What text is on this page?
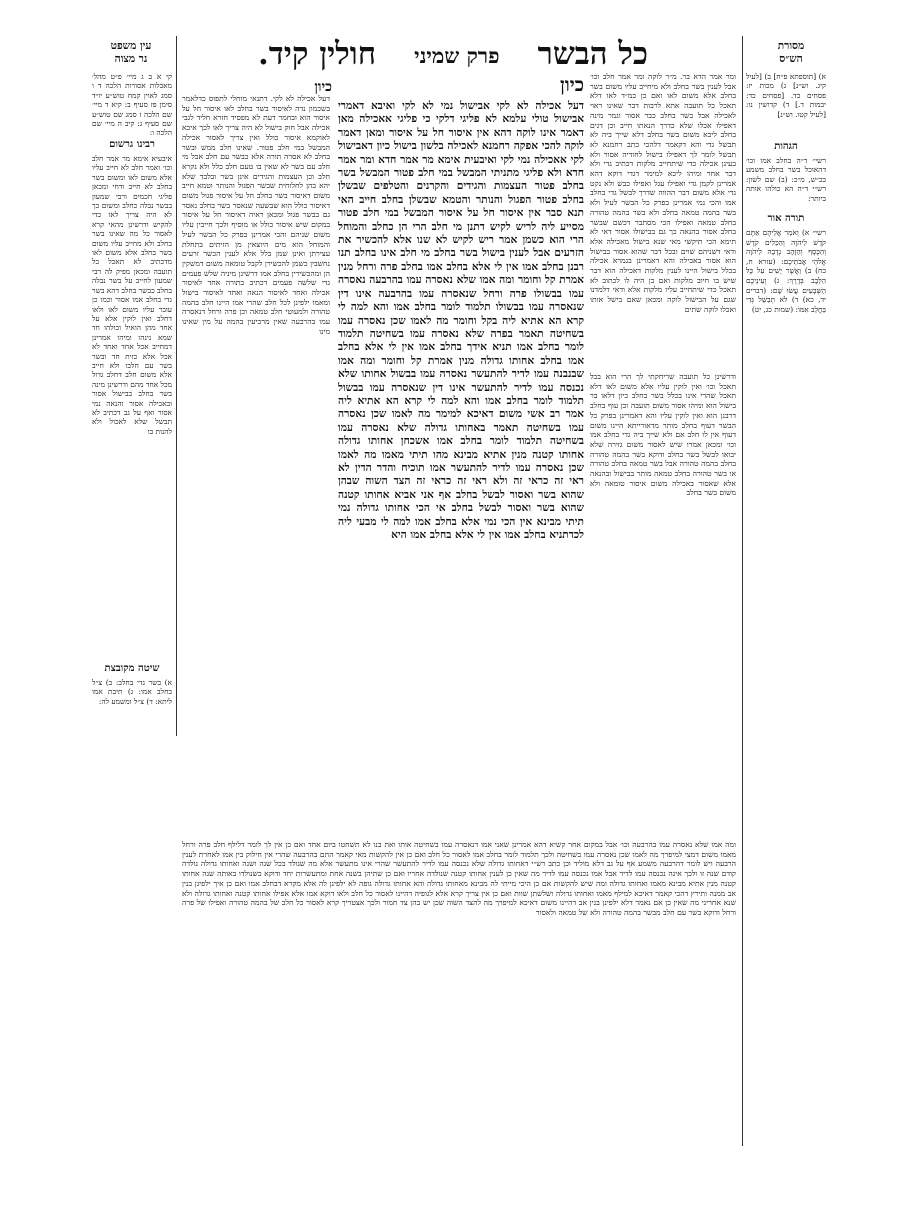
כל הבשר
פרק שמיני
חולין קיד.
עין משפט
נר מצוה
קי א ב ג מיי׳ פ״ט מהל׳ מאכלות אסורות הלכה ד ו סמג לאוין קמח טוש״ע יו״ד סימן פז סעיף ב: קיא ד מיי׳ שם הלכה ז סמג שם טוש״ע שם סעיף ג: קיב ה מיי׳ שם הלכה ו:
רבינו גרשום
איבעיא אימא מר אמר חלב וכו׳ ואמר חלב לא חייב עליו אלא משום לאו ומשום בשר בחלב לא חייב ודחי ומכאן פליגי חכמים ורבי שמעון בבשר נבלה כחלב ומשום כך לא היה צריך לאו כדי להקיש ודרשינן מהאי קרא לאסור כל מה שאינו בשר בחלב ולא מחייב עליו משום בשר בחלב אלא משום לאו מדכתיב לא תאכל כל תועבה ומכאן מפיק לה רבי שמעון לחייב על בשר נבלה בחלב כבשר בחלב דהא בשר גדי בחלב אמו אסור וכמו כן עובר עליו משום לאו ולאו דחלב ואין לוקין אלא על אחד מהן הואיל וכולהו חד שמא נינהו ומיהו אמרינן דמחייב אכל אחד ואחד לא אכל אלא כזית חד ובשר בשר עם חלבו ולא חייב אלא משום חלב דחלב גדול מכל אחד מהם ודרשינן מינה בשר בחלב בבישול אסור ובאכילה אסור והנאה נמי אסור ואף על גב דכתיב לא תבשל שלא לאכול ולא להנות בו
שיטה מקובצת
א) בשר גדי בחלב: ב) צ״ל בחלב אמו: ג) תיבת אמו ליתא: ד) צ״ל ומשמע לה:
מסורת
הש״ס
א) [תוספתא פ״ח] ב) [לעיל קיג. וש״נ] ג) מכות יז: פסחים כד. [פסחים כד: יבמות ד.] ד) קדושין נו: [לעיל קטו. וש״נ]
הגהות
רשי״ ד״ה בחלב אמו וכו׳ דהאוכל בשר בחלב משמע בכ״ש, מ״כ: (ב) שם לשון: רש״י ד״ה הא כולהו אותה ביותר:
תורה אור
רשי״ א) וְאֹמַר אֲלֵיהֶם אַתֶּם קֹדֶשׁ לַיהֹוָה וְהַכֵּלִים קֹדֶשׁ וְהַכֶּסֶף וְהַזָּהָב נְדָבָה לַיהֹוָה אֱלֹהֵי אֲבֹתֵיכֶם: (עזרא ח, כח) ב) וַאֲשֶׁר יָשִׁים עַל כָּל הַלֵּבָב בְּדֶרֶךְ: ג) וְעֵינֵיכֶם הַשְּׁבָעִים עֲשׂוּ שָׁם: (דברים יד, כא) ד) לֹא תְבַשֵּׁל גְּדִי בַּחֲלֵב אִמּוֹ: (שמות כג, יט)
ומר אמר הדא בר. מ״ר לוקה ומר אמר חלב וכו׳ אבל לענין בשר בחלב ולא מיחייב עליו משום בשר בחלב אלא משום לאו ואם כן כמ״ד לאו דלא תאכל כל תועבה אתא לרבות דבר שאינו ראוי לאכילה אבל בשר בחלב כבר אסור וגמר מינה דאפילו אכלו שלא כדרך הנאתו חייב וכן דגים בחלב ליכא משום בשר בחלב דלא שייך ביה לא תבשל גדי והא דקאמר דלהכי כתב רחמנא לא תבשל לומר לך דאפילו בישול לחודיה אסור ולא בעינן אכילה כדי שיתחייב מלקות דכתיב גדי ולא דבר אחר ומיהו ליכא למימר דגדי דוקא דהא אמרינן לקמן גדי ואפילו עגל ואפילו כבש ולא נקט גדי אלא משום דבר ההווה שדרך לבשל גדי בחלב אמו והכי נמי אמרינן בפרק כל הבשר לעיל ולא בשר בהמה טמאה בחלב ולא בשר בהמה טהורה בחלב טמאה ואפילו הכי מסתבר דכשם שבשר בחלב אסור בהנאה כך גם בבישולו אסור דאי לא תימא הכי תיקשי מאי שנא בישול מאכילה אלא ודאי דשניהם שוים ובכל דבר שהוא אסור בבישול הוא אסור באכילה והא דאמרינן בגמרא אכילה בכלל בישול היינו לענין מלקות דאכילה הוא דבר שיש בו חיוב מלקות ואם כן היה לו לכתוב לא תאכל כדי שיתחייב עליו מלקות אלא ודאי דלמדנו שגם על הבישול לוקה ומכאן שאם בישל אותו ואכלו לוקה שתים
ודרשינן כל תועבה שריחקתי לך הרי הוא בבל תאכל וכו׳ ואין לוקין עליו אלא משום לאו דלא תאכל שהרי אינו בכלל בשר בחלב כיון דלאו בר בישול הוא ומיהו אסור משום תועבה וכן עוף בחלב דרבנן הוא ואין לוקין עליו והא דאמרינן בפרק כל הבשר דעוף בחלב מותר מדאורייתא היינו משום דעוף אין לו חלב אם ולא שייך ביה גדי בחלב אמו וכו׳ ומכאן אמרו שיש לאסור משום גזירה שלא יבואו לבשל בשר בחלב ודוקא בשר בהמה טהורה בחלב בהמה טהורה אבל בשר טמאה בחלב טהורה או בשר טהורה בחלב טמאה מותר בבישול ובהנאה אלא שאסור באכילה משום איסור טומאה ולא משום בשר בחלב
כיון
דעל אכילה לא לקי. דתנאי מוחלי לתפוס כדלאמר בשכמון נדה לאיסור בשר בחלב לאו איסור חל על איסור הוא ובחמר דעת לא מפסיד חזרא חליד לגבי אכילה אבל חוק בישול לא היה צריך לאו לכך איכא לאוקמא איסור כולל ואין צריך לאסור אכילה המבשל במי חלב פטור. שאינו חלב ממש ובשר בחלב לא אסרה תורה אלא כבשר עם חלב אבל מי חלב עם בשר לא שאין בו טעם חלב כלל ולא נקרא חלב וכן העצמות והגידים אינן בשר ובלבד שלא יהא בהן לחלוחית שבשר הפגול והנותר וטמא חייב משום דאיסור בשר בחלב חל על איסור פגול משום דאיסור כולל הוא שבשעה שנאסר בשר בחלב נאסר גם בבשר פגול ומכאן ראיה דאיסור חל על איסור במקום שיש איסור כולל או מוסיף ולכך חייבין עליו משום שניהם והכי אמרינן בפרק כל הבשר לעיל והמוחל הוא מים היוצאין מן הזיתים בתחלת עצירתן ואינן שמן כלל אלא לענין הכשר זרעים נחשבין כשמן להכשירן לקבל טומאה משום דמשקין הן ומהכשירין בחלב אמו דרשינן מיניה שלש פעמים גדי שלשה פעמים דכתיב בתורה אחד לאיסור אכילה ואחד לאיסור הנאה ואחד לאיסור בישול ומאמו ילפינן לכל חלב שהרי אמו היינו חלב בהמה טהורה ולמעוטי חלב טמאה וכן פרה ורחל דנאסרה עמו בהרבעה שאין מרביעין בהמה על מין שאינו מינו
כיון
דעל אכילה לא לקי אבישול נמי לא לקי ואיבא דאמרי אבישול טולי עלמא לא פליגי דלקי כי פליגי אאכילה מאן דאמר אינו לוקה דהא אין איסור חל על איסור ומאן דאמר לוקה להכי אפקה רחמנא לאכילה בלשון בישול כיון דאבישול לקי אאכילה נמי לקי ואיבעית אימא מר אמר חדא ומר אמר חדא ולא פליגי מתניתי המבשל במי חלב פטור המבשל בשר בחלב פטור העצמות והגידים והקרנים והטלפים שבשלן בחלב פטור הפגול והנותר והטמא שבשלן בחלב חייב האי תנא סבר אין איסור חל על איסור המבשל במי חלב פטור מסייע ליה לריש לקיש דתנן מי חלב הרי הן כחלב והמוחל הרי הוא כשמן אמר ריש לקיש לא שנו אלא להכשיר את הזרעים אבל לענין בישול בשר בחלב מי חלב אינו בחלב תנו רבנן בחלב אמו אין לי אלא בחלב אמו בחלב פרה ורחל מנין אמרת קל וחומר ומה אמו שלא נאסרה עמו בהרבעה נאסרה עמו בבשולו פרה ורחל שנאסרה עמו בהרבעה אינו דין שנאסרה עמו בבשולו תלמוד לומר בחלב אמו והא למה לי קרא הא אתיא ליה בקל וחומר מה לאמו שכן נאסרה עמו בשחיטה תאמר בפרה שלא נאסרה עמו בשחיטה תלמוד לומר בחלב אמו תניא אידך בחלב אמו אין לי אלא בחלב אמו בחלב אחותו גדולה מנין אמרת קל וחומר ומה אמו שבנבנה עמו לדיר להתעשר נאסרה עמו בבשול אחותו שלא נכנסה עמו לדיר להתעשר אינו דין שנאסרה עמו בבשול תלמוד לומר בחלב אמו והא למה לי קרא הא אתיא ליה אמר רב אשי משום דאיכא למימר מה לאמו שכן נאסרה עמו בשחיטה תאמר באחותו גדולה שלא נאסרה עמו בשחיטה תלמוד לומר בחלב אמו אשכחן אחותו גדולה אחותו קטנה מנין אתיא מבינא מהו תיתי מאמו מה לאמו שכן נאסרה עמו לדיר להתעשר אמו תוכיח והדר הדין לא ראי זה כראי זה ולא ראי זה כראי זה הצד השוה שבהן שהוא בשר ואסור לבשל בחלב אף אני אביא אחותו קטנה שהוא בשר ואסור לבשל בחלב אי הכי אחותו גדולה נמי תיתי מבינא אין הכי נמי אלא בחלב אמו למה לי מבעי ליה לכדתניא בחלב אמו אין לי אלא בחלב אמו היא
ומה אמו שלא נאסרה עמו בהרבעה וכו׳ אבל במקום אחר קשיא דהא אמרינן שאני אמו דנאסרה עמו בשחיטה אותו ואת בנו לא תשחטו ביום אחד ואם כן אין לך לומר דלילף חלב פרה ורחל מאמו משום דמצי למיפרך מה לאמו שכן נאסרה עמו בשחיטה ולכך תלמוד לומר בחלב אמו לאסור כל חלב ואם כן אין להקשות מאי קאמר התם בהרבעה שהרי אין חילוק בין אמו לאחרת לענין הרבעה ויש לומר דהרבעה משמע אף על גב דלא מוליד וכן כתב רש״י דאחותו גדולה שלא נכנסה עמו לדיר להתעשר שהרי אינו מתעשר אלא מה שנולד בכל שנה ושנה ואחותו גדולה נולדה קודם שנה זו ולכך אינה נכנסה עמו לדיר אבל אמו נכנסה עמו לדיר מה שאין כן לענין אחותו קטנה שנולדה אחריו ואם כן שתיהן בשנה אחת ומתעשרות יחד ודוקא כשנולדו באותה שנה אחותו קטנה מנין אתיא מבינא מאמו ואחותו גדולה ומה שיש להקשות אם כן היכי מייתי לה מבינא מאחותו גדולה והא אחותו גדולה גופה לא ילפינן לה אלא מקרא דבחלב אמו ואם כן איך ילפינן בנין אב ממנה ותירץ דהכי קאמר דאיכא למילף מאמו ואחותו גדולה ושלשתן שוות ואם כן אין צריך קרא אלא לגופיה דהיינו לאסור כל חלב ולאו דוקא אמו אלא אפילו אחותו קטנה ואחותו גדולה ולא שנא אחריני מה שאין כן אם נאמר דלא ילפינן בנין אב דהיינו משום דאיכא למיפרך מה להצד השוה שכן יש בהן צד חמור ולכך אצטריך קרא לאסור כל חלב של בהמה טהורה ואפילו של פרה ורחל ודוקא בשר עם חלב מבשר בהמה טהורה ולא של טמאה ולאסור
